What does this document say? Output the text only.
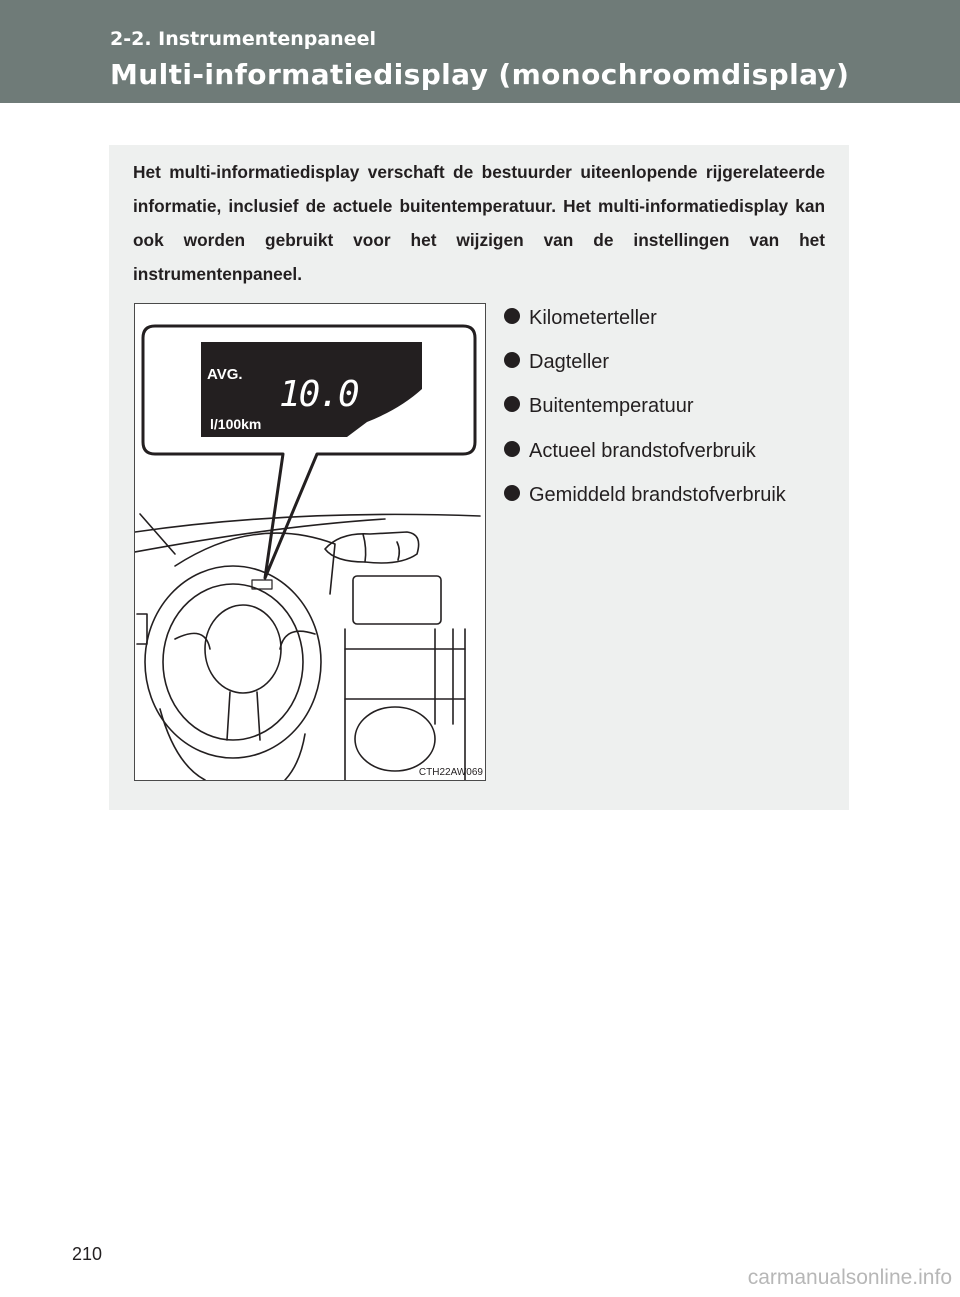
2-2. Instrumentenpaneel
Multi-informatiedisplay (monochroomdisplay)

Het multi-informatiedisplay verschaft de bestuurder uiteenlopende rijgerelateerde informatie, inclusief de actuele buitentemperatuur. Het multi-informatiedisplay kan ook worden gebruikt voor het wijzigen van de instellingen van het instrumentenpaneel.

AVG. 10.0
l/100km
CTH22AW069
Kilometerteller
Dagteller
Buitentemperatuur
Actueel brandstofverbruik
Gemiddeld brandstofverbruik
210
carmanualsonline.info
